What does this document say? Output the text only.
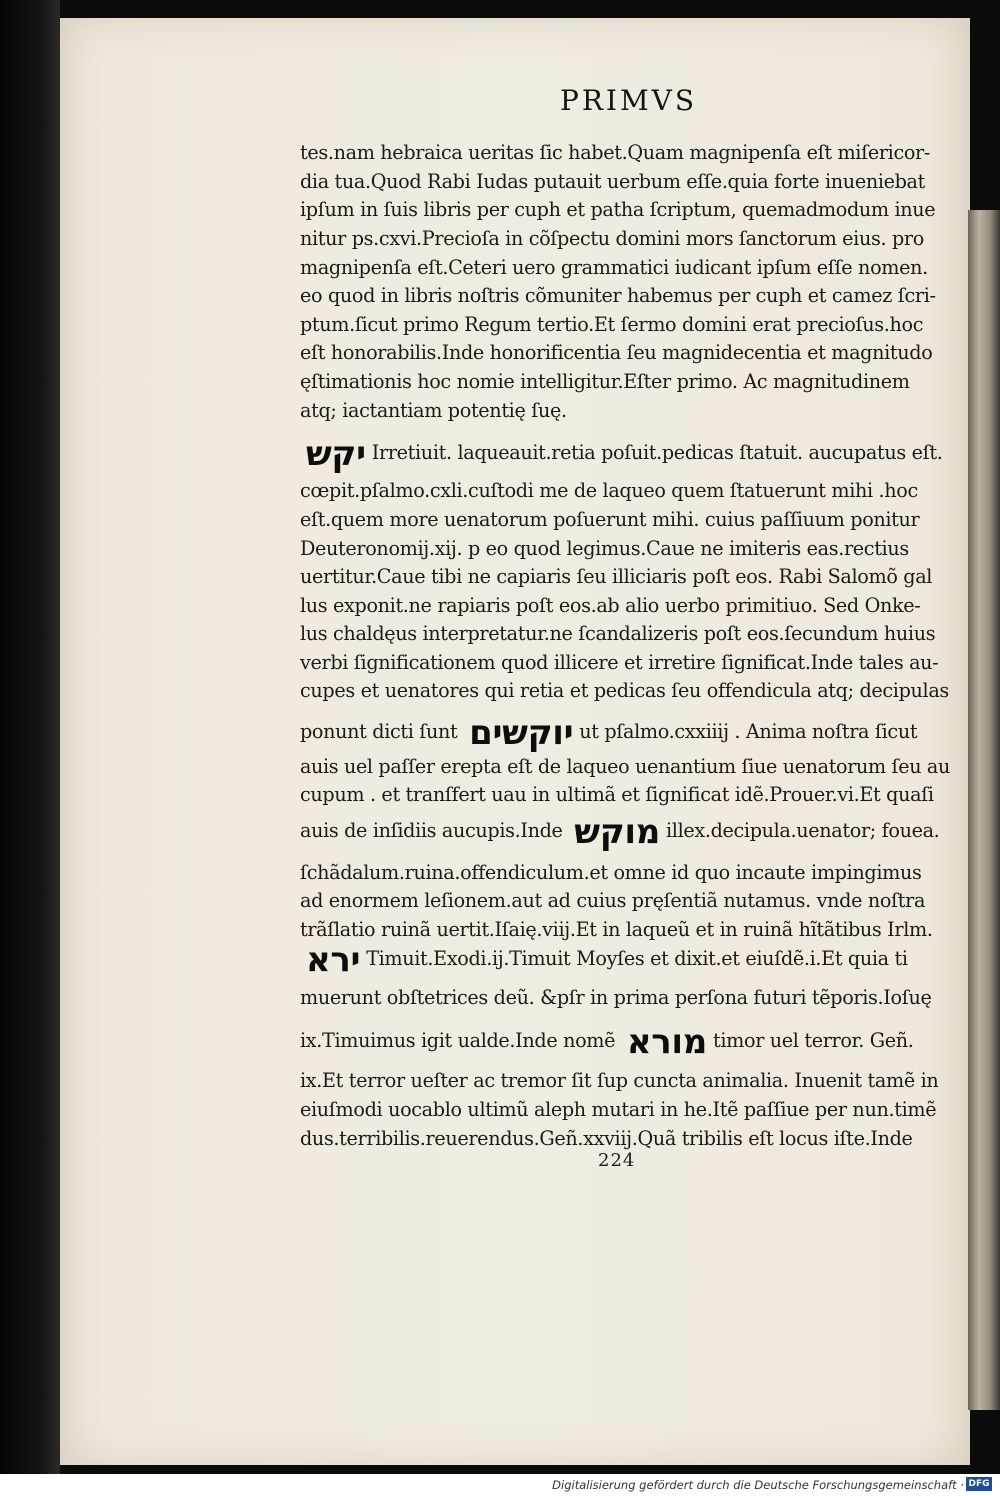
PRIMVS
tes.nam hebraica ueritas ſic habet.Quam magnipenſa eſt miſericor-
dia tua.Quod Rabi Iudas putauit uerbum eſſe.quia forte inueniebat
ipſum in ſuis libris per cuph et patha ſcriptum, quemadmodum inue
nitur ps.cxvi.Precioſa in cõſpectu domini mors ſanctorum eius. pro
magnipenſa eſt.Ceteri uero grammatici iudicant ipſum eſſe nomen.
eo quod in libris noſtris cõmuniter habemus per cuph et camez ſcri-
ptum.ſicut primo Regum tertio.Et ſermo domini erat precioſus.hoc
eſt honorabilis.Inde honorificentia ſeu magnidecentia et magnitudo
ęſtimationis hoc nomie intelligitur.Eſter primo. Ac magnitudinem
atq; iactantiam potentię ſuę.
יקש Irretiuit. laqueauit.retia poſuit.pedicas ſtatuit. aucupatus eſt.
cœpit.pſalmo.cxli.cuſtodi me de laqueo quem ſtatuerunt mihi .hoc
eſt.quem more uenatorum poſuerunt mihi. cuius paſſiuum ponitur
Deuteronomij.xij. p eo quod legimus.Caue ne imiteris eas.rectius
uertitur.Caue tibi ne capiaris ſeu illiciaris poſt eos. Rabi Salomõ gal
lus exponit.ne rapiaris poſt eos.ab alio uerbo primitiuo. Sed Onke-
lus chaldęus interpretatur.ne ſcandalizeris poſt eos.ſecundum huius
verbi ſignificationem quod illicere et irretire ſignificat.Inde tales au-
cupes et uenatores qui retia et pedicas ſeu offendicula atq; decipulas
ponunt dicti ſunt יוקשים ut pſalmo.cxxiiij . Anima noſtra ſicut
auis uel paſſer erepta eſt de laqueo uenantium ſiue uenatorum ſeu au
cupum . et tranſfert uau in ultimã et ſignificat idẽ.Prouer.vi.Et quaſi
auis de inſidiis aucupis.Inde מוקש illex.decipula.uenator; fouea.
ſchãdalum.ruina.offendiculum.et omne id quo incaute impingimus
ad enormem leſionem.aut ad cuius pręſentiã nutamus. vnde noſtra
trãſlatio ruinã uertit.Iſaię.viij.Et in laqueũ et in ruinã hĩtãtibus Irlm.
ירא Timuit.Exodi.ij.Timuit Moyſes et dixit.et eiuſdẽ.i.Et quia ti
muerunt obſtetrices deũ. &pſr in prima perſona futuri tẽporis.Ioſuę
ix.Timuimus igit ualde.Inde nomẽ מורא timor uel terror. Geñ.
ix.Et terror ueſter ac tremor ſit ſup cuncta animalia. Inuenit tamẽ in
eiuſmodi uocablo ultimũ aleph mutari in he.Itẽ paſſiue per nun.timẽ
dus.terribilis.reuerendus.Geñ.xxviij.Quã tribilis eſt locus iſte.Inde
224
Digitalisierung gefördert durch die Deutsche Forschungsgemeinschaft · DFG
